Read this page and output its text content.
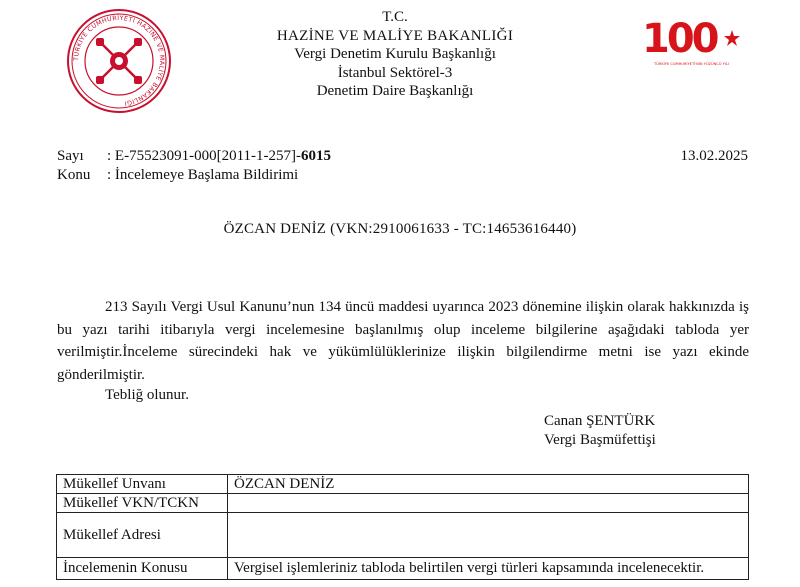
TÜRKİYE CUMHURİYETİ HAZİNE VE MALİYE BAKANLIĞI
T.C.
HAZİNE VE MALİYE BAKANLIĞI
Vergi Denetim Kurulu Başkanlığı
İstanbul Sektörel-3
Denetim Daire Başkanlığı
100
TÜRKİYE CUMHURİYETİ'NİN YÜZÜNCÜ YILI
Sayı : E-75523091-000[2011-1-257]-6015
Konu : İncelemeye Başlama Bildirimi
13.02.2025
ÖZCAN DENİZ (VKN:2910061633 - TC:14653616440)
213 Sayılı Vergi Usul Kanunu’nun 134 üncü maddesi uyarınca 2023 dönemine ilişkin olarak hakkınızda iş bu yazı tarihi itibarıyla vergi incelemesine başlanılmış olup inceleme bilgilerine aşağıdaki tabloda yer verilmiştir.İnceleme sürecindeki hak ve yükümlülüklerinize ilişkin bilgilendirme metni ise yazı ekinde gönderilmiştir.
Tebliğ olunur.
Canan ŞENTÜRK
Vergi Başmüfettişi
Mükellef Unvanı	ÖZCAN DENİZ
Mükellef VKN/TCKN	
Mükellef Adresi	
İncelemenin Konusu	Vergisel işlemleriniz tabloda belirtilen vergi türleri kapsamında incelenecektir.
